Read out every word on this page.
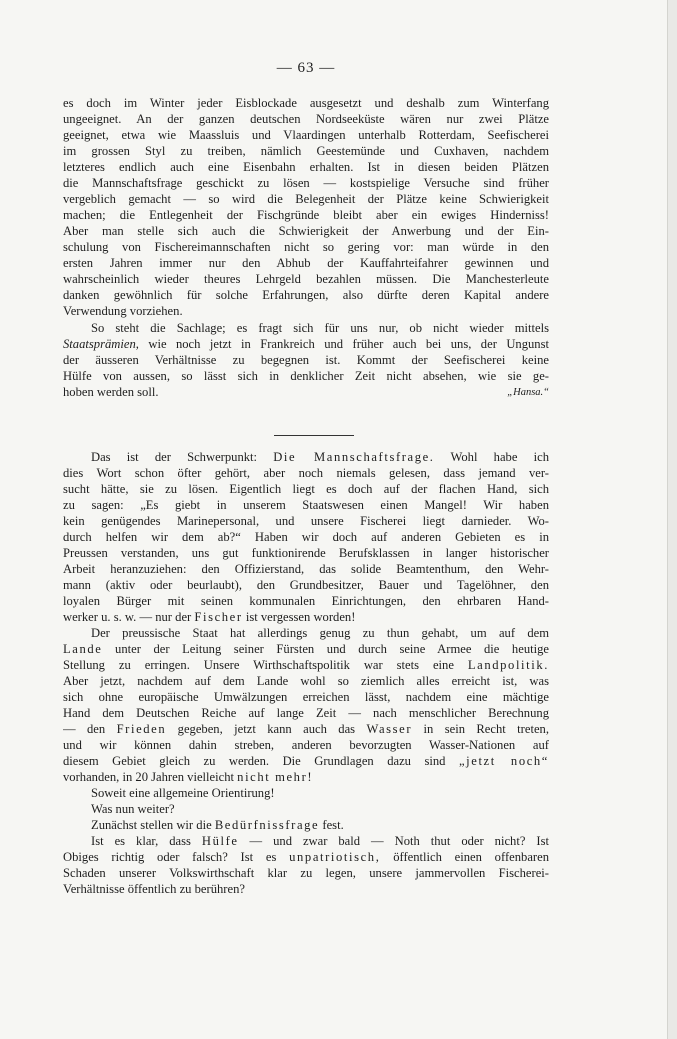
— 63 —
es doch im Winter jeder Eisblockade ausgesetzt und deshalb zum Winterfang
ungeeignet. An der ganzen deutschen Nordseeküste wären nur zwei Plätze
geeignet, etwa wie Maassluis und Vlaardingen unterhalb Rotterdam, Seefischerei
im grossen Styl zu treiben, nämlich Geestemünde und Cuxhaven, nachdem
letzteres endlich auch eine Eisenbahn erhalten. Ist in diesen beiden Plätzen
die Mannschaftsfrage geschickt zu lösen — kostspielige Versuche sind früher
vergeblich gemacht — so wird die Belegenheit der Plätze keine Schwierigkeit
machen; die Entlegenheit der Fischgründe bleibt aber ein ewiges Hinderniss!
Aber man stelle sich auch die Schwierigkeit der Anwerbung und der Ein-
schulung von Fischereimannschaften nicht so gering vor: man würde in den
ersten Jahren immer nur den Abhub der Kauffahrteifahrer gewinnen und
wahrscheinlich wieder theures Lehrgeld bezahlen müssen. Die Manchesterleute
danken gewöhnlich für solche Erfahrungen, also dürfte deren Kapital andere
Verwendung vorziehen.
So steht die Sachlage; es fragt sich für uns nur, ob nicht wieder mittels
Staatsprämien, wie noch jetzt in Frankreich und früher auch bei uns, der Ungunst
der äusseren Verhältnisse zu begegnen ist. Kommt der Seefischerei keine
Hülfe von aussen, so lässt sich in denklicher Zeit nicht absehen, wie sie ge-
hoben werden soll.	„Hansa.“
Das ist der Schwerpunkt: Die Mannschaftsfrage. Wohl habe ich
dies Wort schon öfter gehört, aber noch niemals gelesen, dass jemand ver-
sucht hätte, sie zu lösen. Eigentlich liegt es doch auf der flachen Hand, sich
zu sagen: „Es giebt in unserem Staatswesen einen Mangel! Wir haben
kein genügendes Marinepersonal, und unsere Fischerei liegt darnieder. Wo-
durch helfen wir dem ab?“ Haben wir doch auf anderen Gebieten es in
Preussen verstanden, uns gut funktionirende Berufsklassen in langer historischer
Arbeit heranzuziehen: den Offizierstand, das solide Beamtenthum, den Wehr-
mann (aktiv oder beurlaubt), den Grundbesitzer, Bauer und Tagelöhner, den
loyalen Bürger mit seinen kommunalen Einrichtungen, den ehrbaren Hand-
werker u. s. w. — nur der Fischer ist vergessen worden!
Der preussische Staat hat allerdings genug zu thun gehabt, um auf dem
Lande unter der Leitung seiner Fürsten und durch seine Armee die heutige
Stellung zu erringen. Unsere Wirthschaftspolitik war stets eine Landpolitik.
Aber jetzt, nachdem auf dem Lande wohl so ziemlich alles erreicht ist, was
sich ohne europäische Umwälzungen erreichen lässt, nachdem eine mächtige
Hand dem Deutschen Reiche auf lange Zeit — nach menschlicher Berechnung
— den Frieden gegeben, jetzt kann auch das Wasser in sein Recht treten,
und wir können dahin streben, anderen bevorzugten Wasser-Nationen auf
diesem Gebiet gleich zu werden. Die Grundlagen dazu sind „jetzt noch“
vorhanden, in 20 Jahren vielleicht nicht mehr!
Soweit eine allgemeine Orientirung!
Was nun weiter?
Zunächst stellen wir die Bedürfnissfrage fest.
Ist es klar, dass Hülfe — und zwar bald — Noth thut oder nicht? Ist
Obiges richtig oder falsch? Ist es unpatriotisch, öffentlich einen offenbaren
Schaden unserer Volkswirthschaft klar zu legen, unsere jammervollen Fischerei-
Verhältnisse öffentlich zu berühren?
